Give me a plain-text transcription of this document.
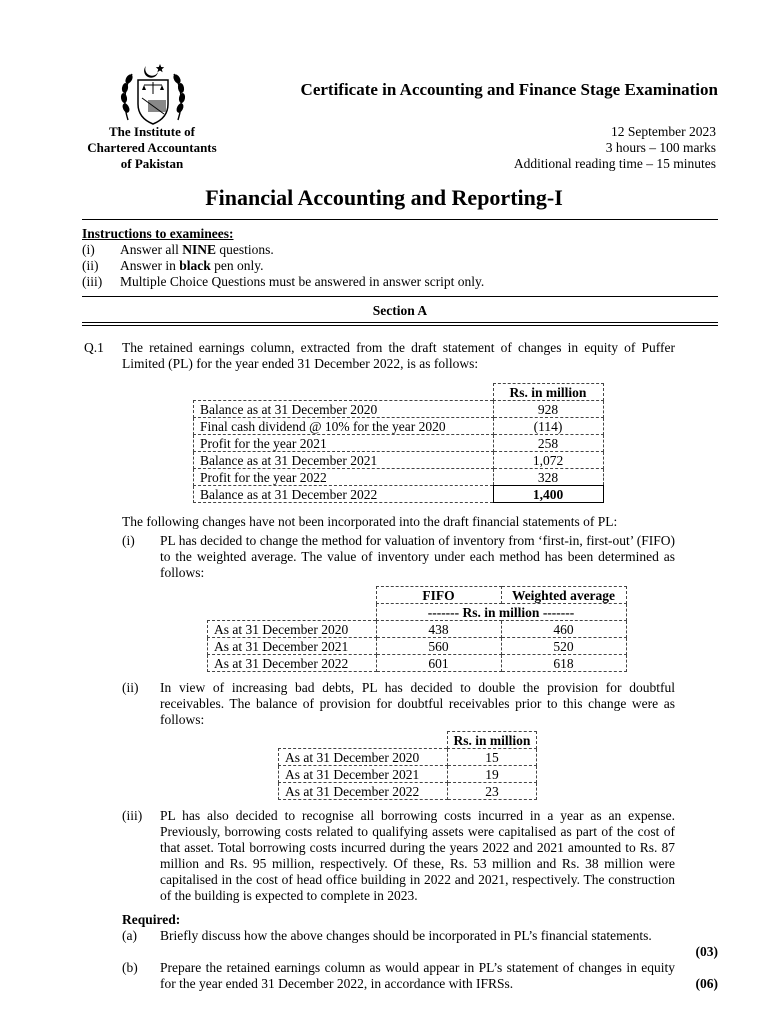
The Institute of
Chartered Accountants
of Pakistan
Certificate in Accounting and Finance Stage Examination
12 September 2023
3 hours – 100 marks
Additional reading time – 15 minutes
Financial Accounting and Reporting-I
Instructions to examinees:
(i) Answer all NINE questions.
(ii) Answer in black pen only.
(iii) Multiple Choice Questions must be answered in answer script only.
Section A
Q.1 The retained earnings column, extracted from the draft statement of changes in equity of Puffer Limited (PL) for the year ended 31 December 2022, is as follows:
	Rs. in million
Balance as at 31 December 2020	928
Final cash dividend @ 10% for the year 2020	(114)
Profit for the year 2021	258
Balance as at 31 December 2021	1,072
Profit for the year 2022	328
Balance as at 31 December 2022	1,400
The following changes have not been incorporated into the draft financial statements of PL:
(i) PL has decided to change the method for valuation of inventory from ‘first-in, first-out’ (FIFO) to the weighted average. The value of inventory under each method has been determined as follows:
	FIFO	Weighted average
	------- Rs. in million -------	
As at 31 December 2020	438	460
As at 31 December 2021	560	520
As at 31 December 2022	601	618
(ii) In view of increasing bad debts, PL has decided to double the provision for doubtful receivables. The balance of provision for doubtful receivables prior to this change were as follows:
	Rs. in million
As at 31 December 2020	15
As at 31 December 2021	19
As at 31 December 2022	23
(iii) PL has also decided to recognise all borrowing costs incurred in a year as an expense. Previously, borrowing costs related to qualifying assets were capitalised as part of the cost of that asset. Total borrowing costs incurred during the years 2022 and 2021 amounted to Rs. 87 million and Rs. 95 million, respectively. Of these, Rs. 53 million and Rs. 38 million were capitalised in the cost of head office building in 2022 and 2021, respectively. The construction of the building is expected to complete in 2023.
Required:
(a) Briefly discuss how the above changes should be incorporated in PL’s financial statements.
(03)
(b) Prepare the retained earnings column as would appear in PL’s statement of changes in equity for the year ended 31 December 2022, in accordance with IFRSs.	(06)
